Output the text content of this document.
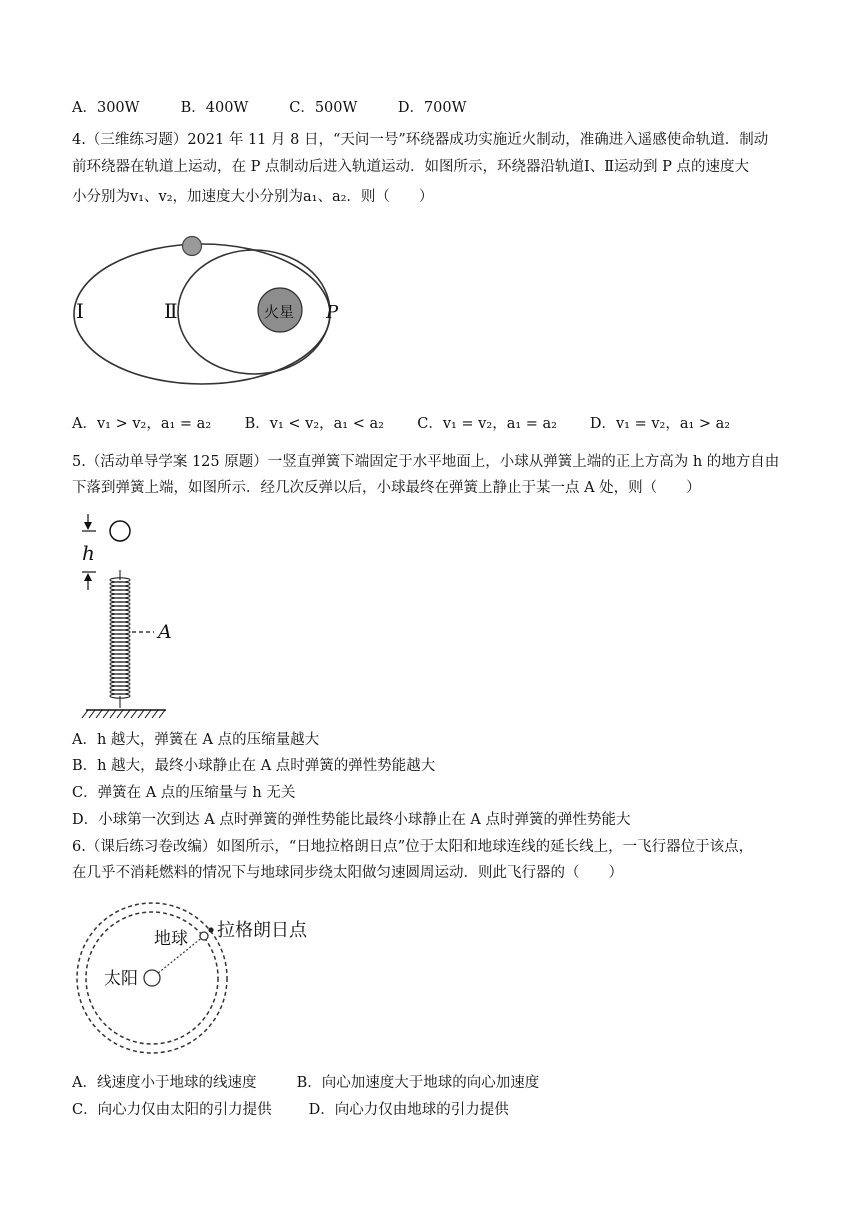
A．300W	B．400W	C．500W	D．700W
4.（三维练习题）2021 年 11 月 8 日，“天问一号”环绕器成功实施近火制动，准确进入遥感使命轨道．制动
前环绕器在轨道上运动，在 P 点制动后进入轨道运动．如图所示，环绕器沿轨道Ⅰ、Ⅱ运动到 P 点的速度大
小分别为v₁、v₂，加速度大小分别为a₁、a₂．则（　　）
火星
Ⅰ	Ⅱ	P
A．v₁ > v₂，a₁ = a₂ B．v₁ < v₂，a₁ < a₂ C．v₁ = v₂，a₁ = a₂ D．v₁ = v₂，a₁ > a₂
5.（活动单导学案 125 原题）一竖直弹簧下端固定于水平地面上，小球从弹簧上端的正上方高为 h 的地方自由
下落到弹簧上端，如图所示．经几次反弹以后，小球最终在弹簧上静止于某一点 A 处，则（　　）
h
A
A．h 越大，弹簧在 A 点的压缩量越大
B．h 越大，最终小球静止在 A 点时弹簧的弹性势能越大
C．弹簧在 A 点的压缩量与 h 无关
D．小球第一次到达 A 点时弹簧的弹性势能比最终小球静止在 A 点时弹簧的弹性势能大
6.（课后练习卷改编）如图所示，“日地拉格朗日点”位于太阳和地球连线的延长线上，一飞行器位于该点，
在几乎不消耗燃料的情况下与地球同步绕太阳做匀速圆周运动．则此飞行器的（　　）
地球 拉格朗日点
太阳
A．线速度小于地球的线速度	B．向心加速度大于地球的向心加速度
C．向心力仅由太阳的引力提供	D．向心力仅由地球的引力提供
